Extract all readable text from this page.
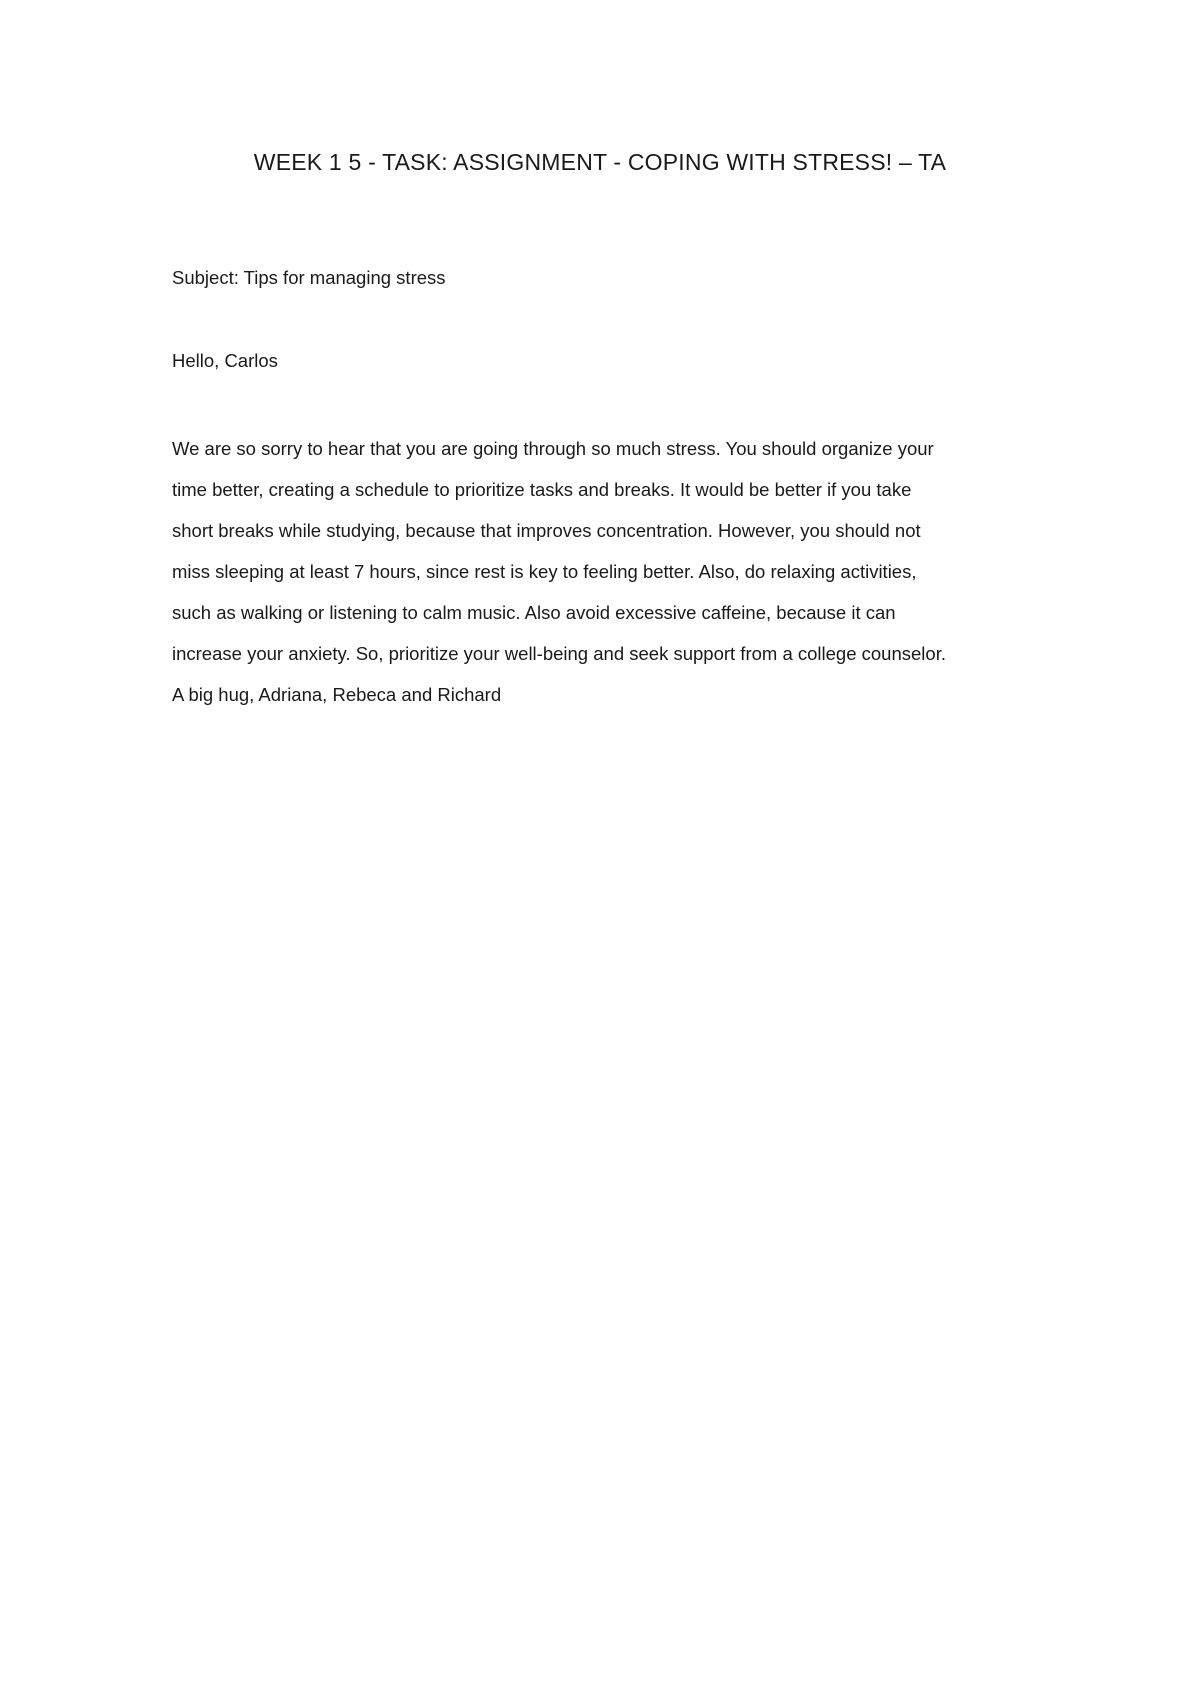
WEEK 1 5 - TASK: ASSIGNMENT - COPING WITH STRESS! – TA

Subject: Tips for managing stress

Hello, Carlos

We are so sorry to hear that you are going through so much stress. You should organize your
time better, creating a schedule to prioritize tasks and breaks. It would be better if you take
short breaks while studying, because that improves concentration. However, you should not
miss sleeping at least 7 hours, since rest is key to feeling better. Also, do relaxing activities,
such as walking or listening to calm music. Also avoid excessive caffeine, because it can
increase your anxiety. So, prioritize your well-being and seek support from a college counselor.
A big hug, Adriana, Rebeca and Richard
